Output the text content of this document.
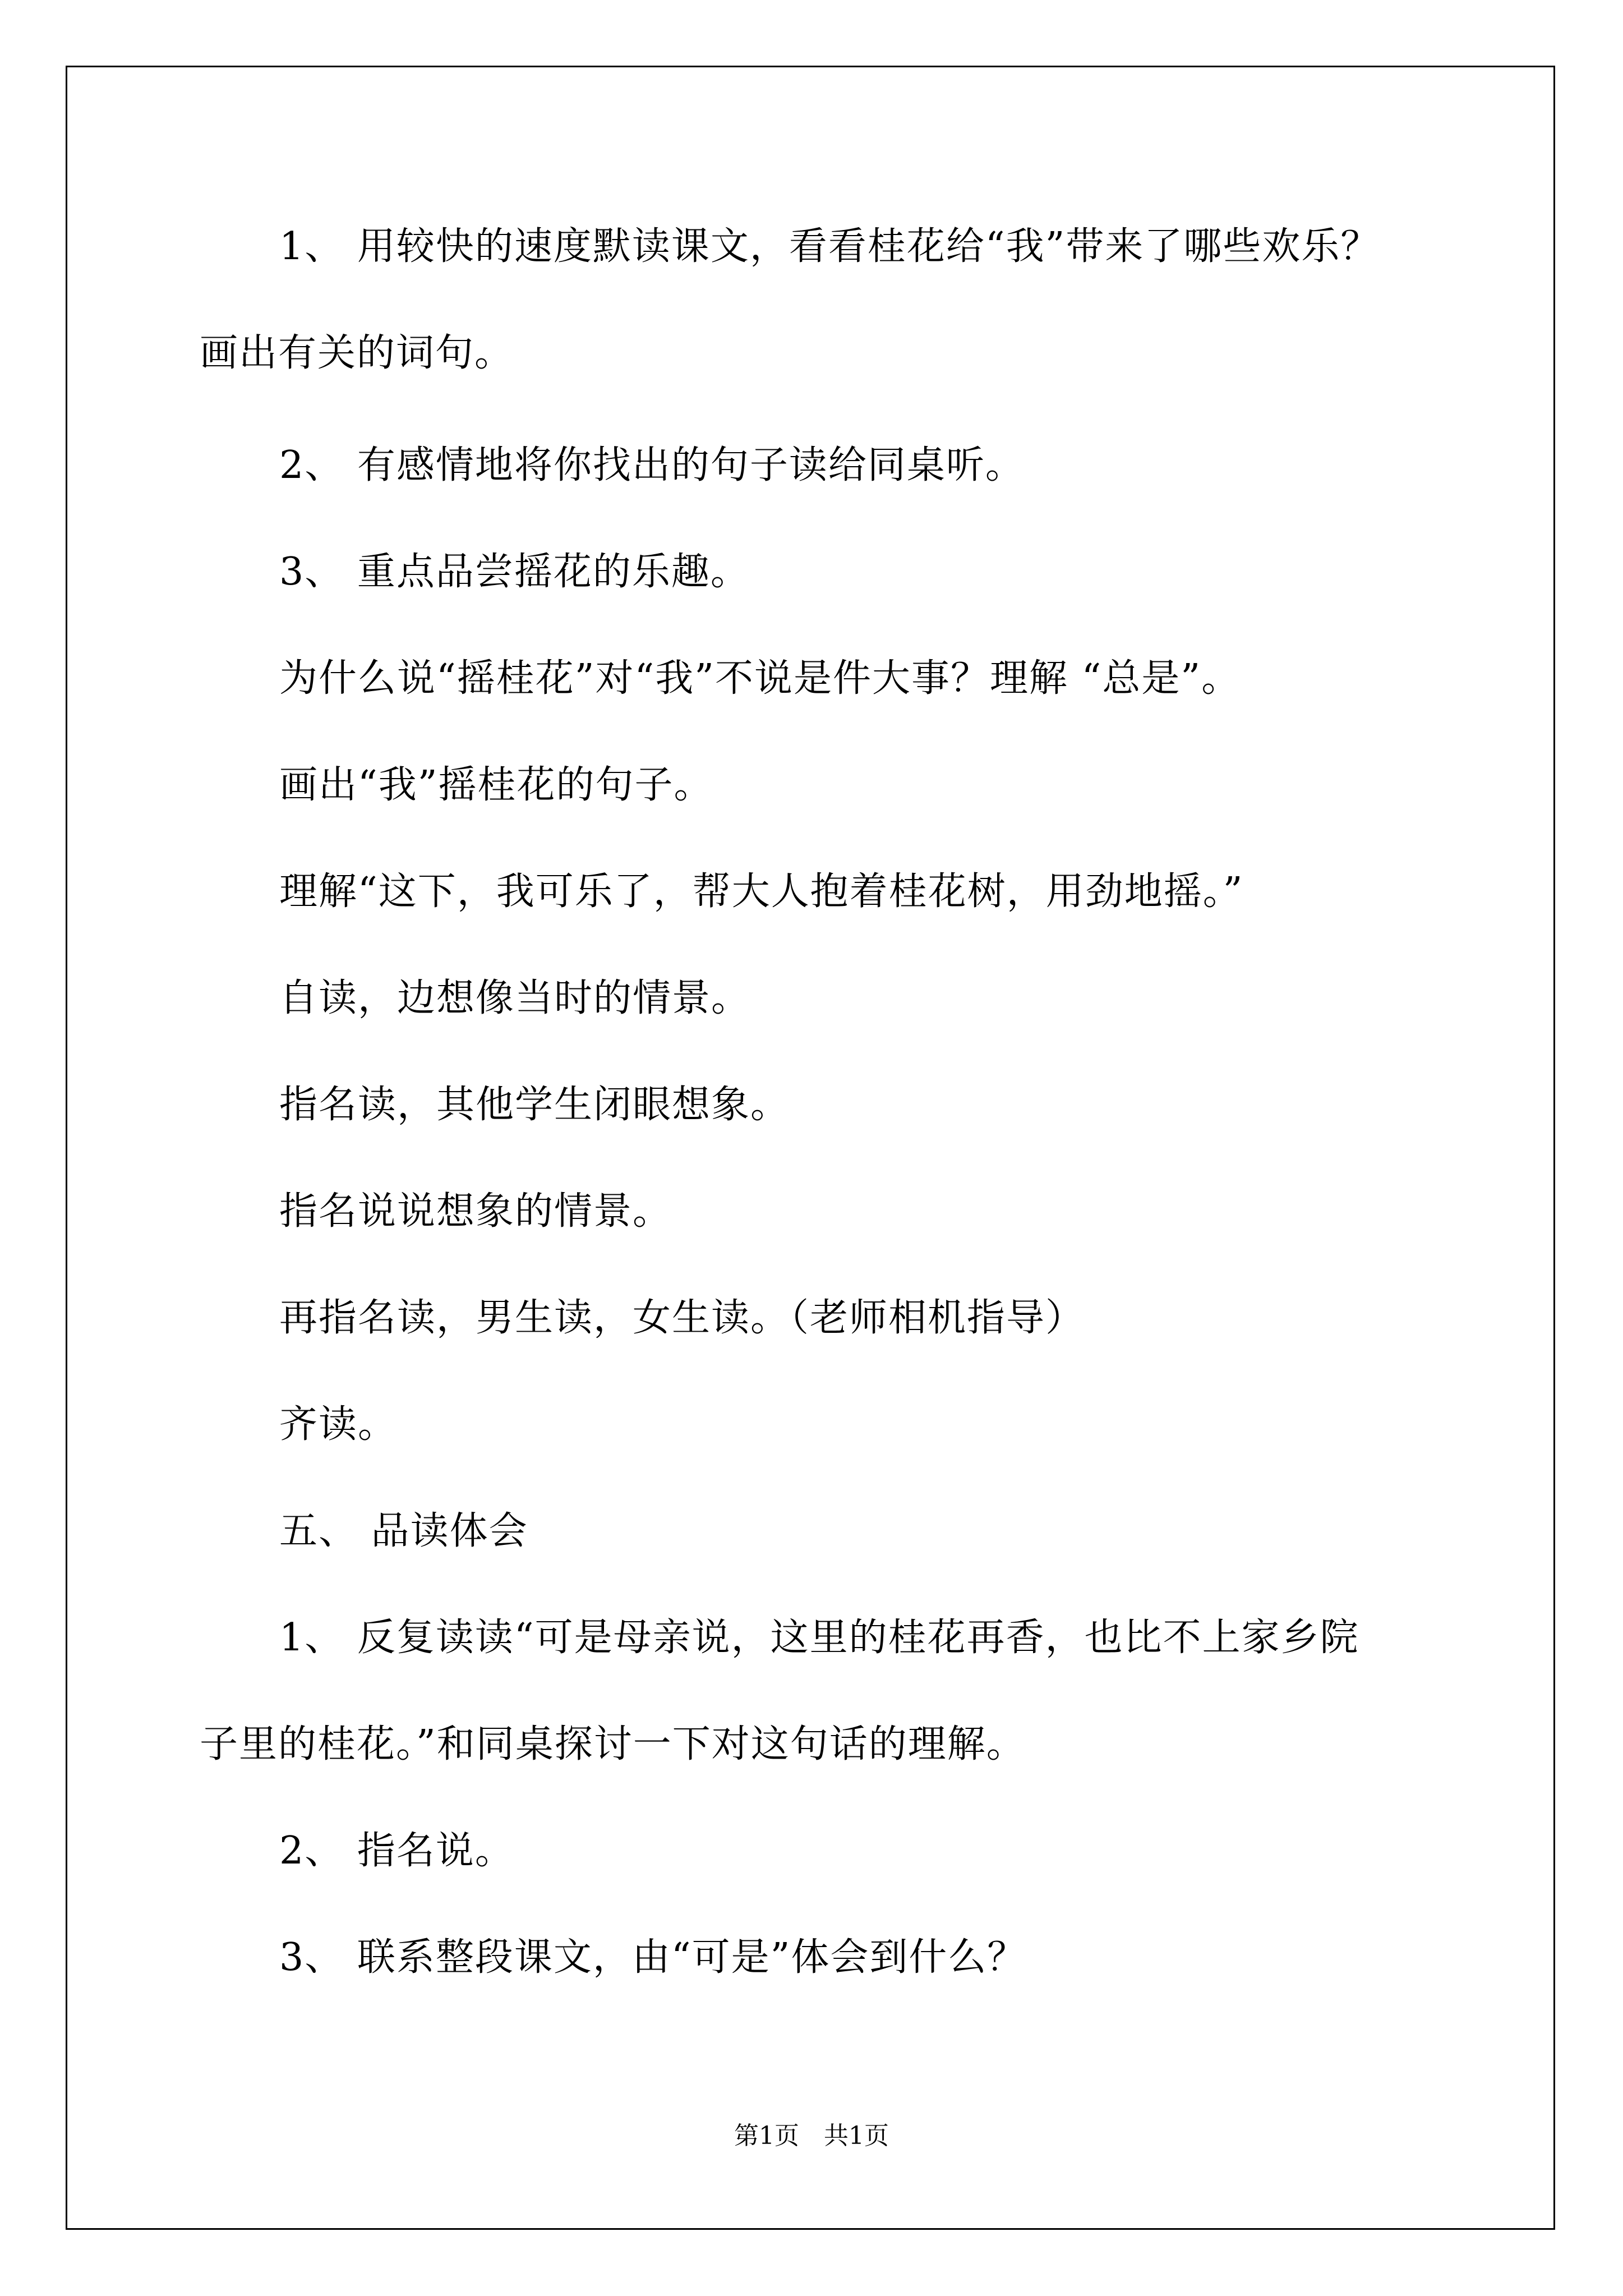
1、 用较快的速度默读课文，看看桂花给“我”带来了哪些欢乐？

画出有关的词句。

2、 有感情地将你找出的句子读给同桌听。

3、 重点品尝摇花的乐趣。

为什么说“摇桂花”对“我”不说是件大事？理解 “总是”。

画出“我”摇桂花的句子。

理解“这下，我可乐了，帮大人抱着桂花树，用劲地摇。”

自读，边想像当时的情景。

指名读，其他学生闭眼想象。

指名说说想象的情景。

再指名读，男生读，女生读。（老师相机指导）

齐读。

五、 品读体会

1、 反复读读“可是母亲说，这里的桂花再香，也比不上家乡院

子里的桂花。”和同桌探讨一下对这句话的理解。

2、 指名说。

3、 联系整段课文，由“可是”体会到什么？

第1页　共1页
